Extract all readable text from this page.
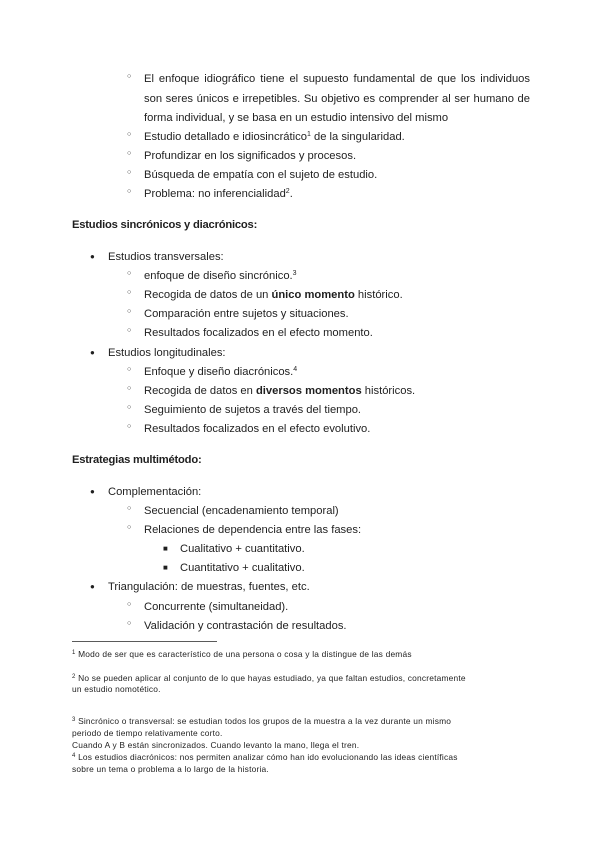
○ El enfoque idiográfico tiene el supuesto fundamental de que los individuos
son seres únicos e irrepetibles. Su objetivo es comprender al ser humano de
forma individual, y se basa en un estudio intensivo del mismo
○ Estudio detallado e idiosincrático$^1$ de la singularidad.
○ Profundizar en los significados y procesos.
○ Búsqueda de empatía con el sujeto de estudio.
○ Problema: no inferencialidad$^2$.
Estudios sincrónicos y diacrónicos:
● Estudios transversales:
○ enfoque de diseño sincrónico.$^3$
○ Recogida de datos de un único momento histórico.
○ Comparación entre sujetos y situaciones.
○ Resultados focalizados en el efecto momento.
● Estudios longitudinales:
○ Enfoque y diseño diacrónicos.$^4$
○ Recogida de datos en diversos momentos históricos.
○ Seguimiento de sujetos a través del tiempo.
○ Resultados focalizados en el efecto evolutivo.
Estrategias multimétodo:
● Complementación:
○ Secuencial (encadenamiento temporal)
○ Relaciones de dependencia entre las fases:
■ Cualitativo + cuantitativo.
■ Cuantitativo + cualitativo.
● Triangulación: de muestras, fuentes, etc.
○ Concurrente (simultaneidad).
○ Validación y contrastación de resultados.
$^1$ Modo de ser que es característico de una persona o cosa y la distingue de las demás
$^2$ No se pueden aplicar al conjunto de lo que hayas estudiado, ya que faltan estudios, concretamente
un estudio nomotético.
$^3$ Sincrónico o transversal: se estudian todos los grupos de la muestra a la vez durante un mismo
periodo de tiempo relativamente corto.
Cuando A y B están sincronizados. Cuando levanto la mano, llega el tren.
$^4$ Los estudios diacrónicos: nos permiten analizar cómo han ido evolucionando las ideas científicas
sobre un tema o problema a lo largo de la historia.
